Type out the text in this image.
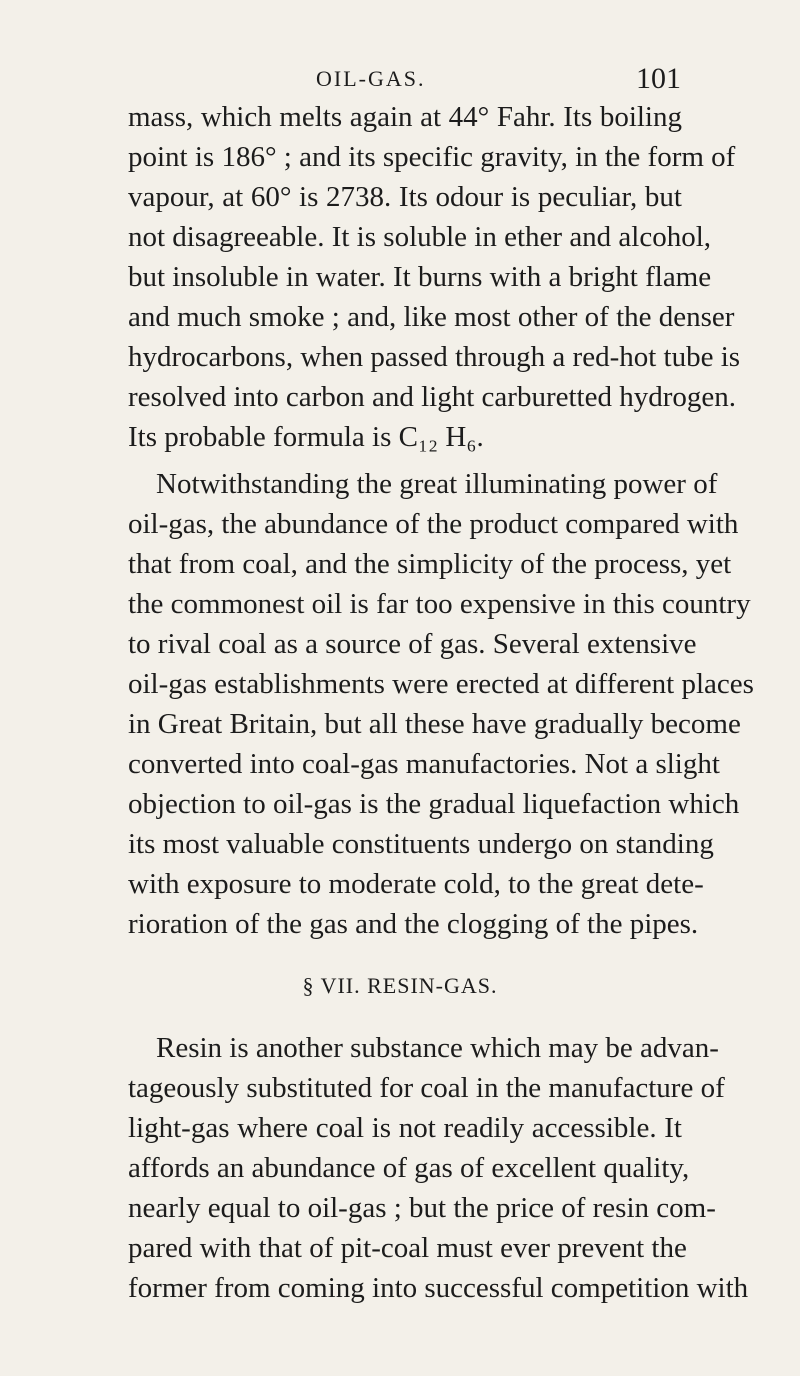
OIL-GAS.	101
mass, which melts again at 44° Fahr. Its boiling
point is 186° ; and its specific gravity, in the form of
vapour, at 60° is 2738. Its odour is peculiar, but
not disagreeable. It is soluble in ether and alcohol,
but insoluble in water. It burns with a bright flame
and much smoke ; and, like most other of the denser
hydrocarbons, when passed through a red-hot tube is
resolved into carbon and light carburetted hydrogen.
Its probable formula is C₁₂ H₆.
Notwithstanding the great illuminating power of
oil-gas, the abundance of the product compared with
that from coal, and the simplicity of the process, yet
the commonest oil is far too expensive in this country
to rival coal as a source of gas. Several extensive
oil-gas establishments were erected at different places
in Great Britain, but all these have gradually become
converted into coal-gas manufactories. Not a slight
objection to oil-gas is the gradual liquefaction which
its most valuable constituents undergo on standing
with exposure to moderate cold, to the great dete-
rioration of the gas and the clogging of the pipes.
§ VII. RESIN-GAS.
Resin is another substance which may be advan-
tageously substituted for coal in the manufacture of
light-gas where coal is not readily accessible. It
affords an abundance of gas of excellent quality,
nearly equal to oil-gas ; but the price of resin com-
pared with that of pit-coal must ever prevent the
former from coming into successful competition with
